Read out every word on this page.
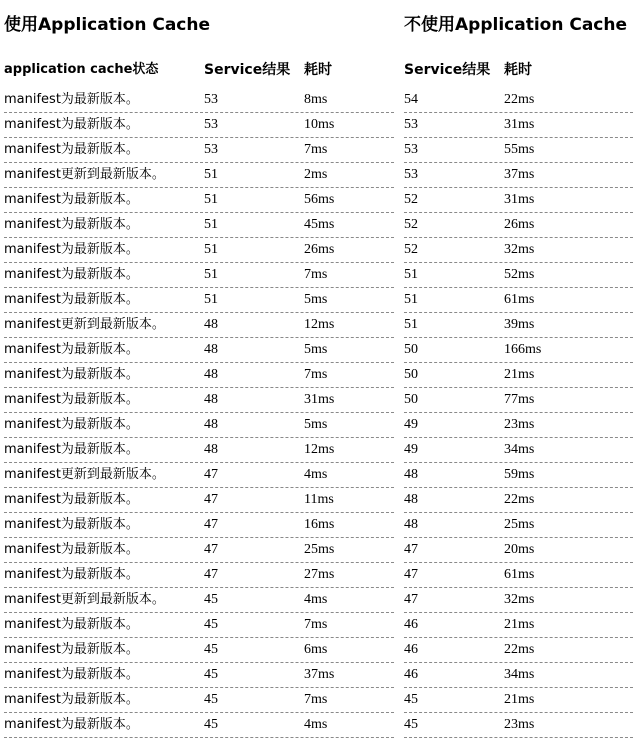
使用Application Cache
application cache状态	Service结果 耗时
manifest为最新版本。	53	8ms
manifest为最新版本。	53	10ms
manifest为最新版本。	53	7ms
manifest更新到最新版本。	51	2ms
manifest为最新版本。	51	56ms
manifest为最新版本。	51	45ms
manifest为最新版本。	51	26ms
manifest为最新版本。	51	7ms
manifest为最新版本。	51	5ms
manifest更新到最新版本。	48	12ms
manifest为最新版本。	48	5ms
manifest为最新版本。	48	7ms
manifest为最新版本。	48	31ms
manifest为最新版本。	48	5ms
manifest为最新版本。	48	12ms
manifest更新到最新版本。	47	4ms
manifest为最新版本。	47	11ms
manifest为最新版本。	47	16ms
manifest为最新版本。	47	25ms
manifest为最新版本。	47	27ms
manifest更新到最新版本。	45	4ms
manifest为最新版本。	45	7ms
manifest为最新版本。	45	6ms
manifest为最新版本。	45	37ms
manifest为最新版本。	45	7ms
manifest为最新版本。	45	4ms
不使用Application Cache
Service结果 耗时
54	22ms
53	31ms
53	55ms
53	37ms
52	31ms
52	26ms
52	32ms
51	52ms
51	61ms
51	39ms
50	166ms
50	21ms
50	77ms
49	23ms
49	34ms
48	59ms
48	22ms
48	25ms
47	20ms
47	61ms
47	32ms
46	21ms
46	22ms
46	34ms
45	21ms
45	23ms
